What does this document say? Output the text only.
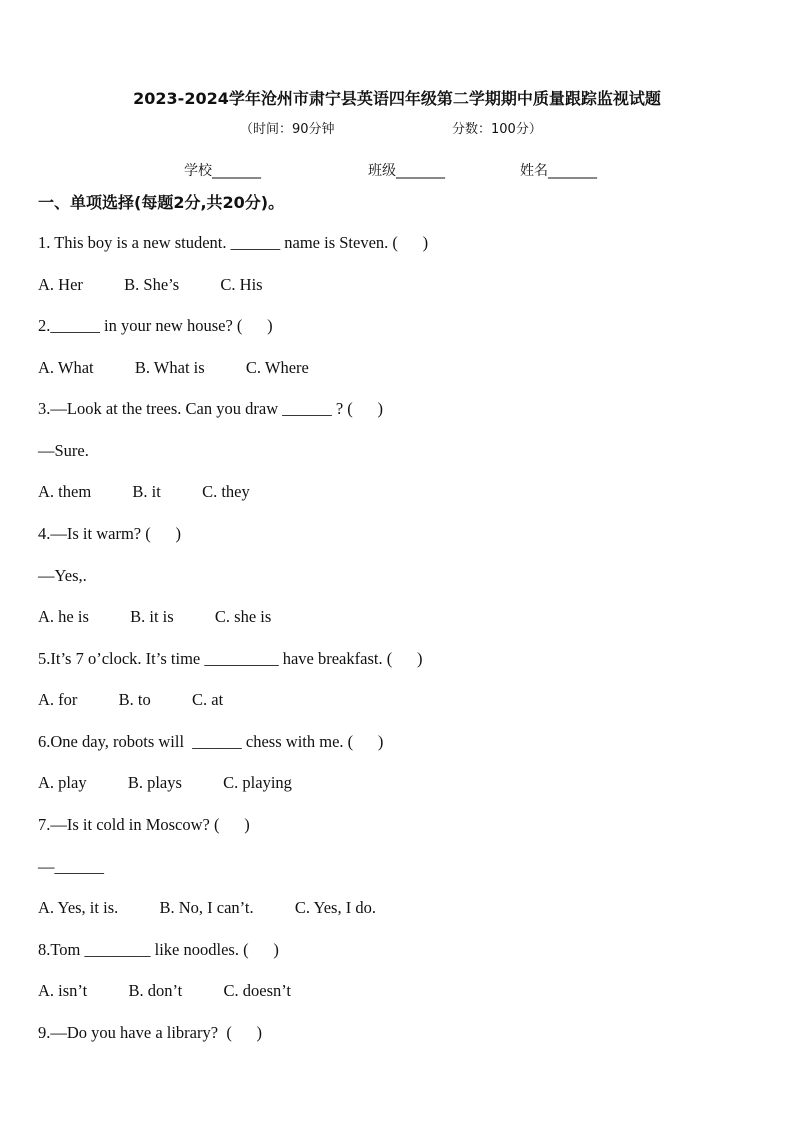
2023-2024学年沧州市肃宁县英语四年级第二学期期中质量跟踪监视试题
（时间：90分钟	分数：100分）
学校_______	班级_______	姓名_______
一、单项选择(每题2分,共20分)。
1. This boy is a new student. ______ name is Steven. (      )
A. Her          B. She’s          C. His
2.______ in your new house? (      )
A. What          B. What is          C. Where
3.—Look at the trees. Can you draw ______ ? (      )
—Sure.
A. them          B. it          C. they
4.—Is it warm? (      )
—Yes,.
A. he is          B. it is          C. she is
5.It’s 7 o’clock. It’s time _________ have breakfast. (      )
A. for          B. to          C. at
6.One day, robots will  ______ chess with me. (      )
A. play          B. plays          C. playing
7.—Is it cold in Moscow? (      )
—______
A. Yes, it is.          B. No, I can’t.          C. Yes, I do.
8.Tom ________ like noodles. (      )
A. isn’t          B. don’t          C. doesn’t
9.—Do you have a library?  (      )
